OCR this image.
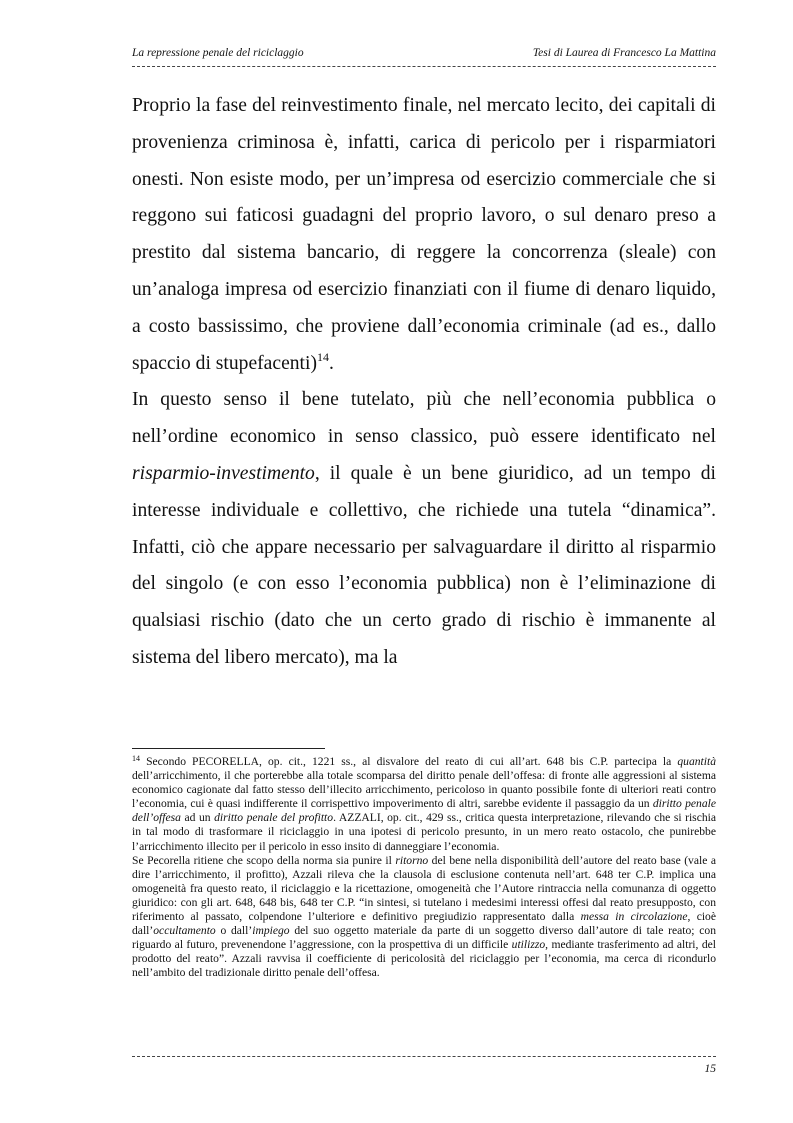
La repressione penale del riciclaggio	Tesi di Laurea di Francesco La Mattina

Proprio la fase del reinvestimento finale, nel mercato lecito, dei capitali di provenienza criminosa è, infatti, carica di pericolo per i risparmiatori onesti. Non esiste modo, per un’impresa od esercizio commerciale che si reggono sui faticosi guadagni del proprio lavoro, o sul denaro preso a prestito dal sistema bancario, di reggere la concorrenza (sleale) con un’analoga impresa od esercizio finanziati con il fiume di denaro liquido, a costo bassissimo, che proviene dall’economia criminale (ad es., dallo spaccio di stupefacenti)$^{14}$.

In questo senso il bene tutelato, più che nell’economia pubblica o nell’ordine economico in senso classico, può essere identificato nel risparmio-investimento, il quale è un bene giuridico, ad un tempo di interesse individuale e collettivo, che richiede una tutela “dinamica”. Infatti, ciò che appare necessario per salvaguardare il diritto al risparmio del singolo (e con esso l’economia pubblica) non è l’eliminazione di qualsiasi rischio (dato che un certo grado di rischio è immanente al sistema del libero mercato), ma la

$^{14}$ Secondo PECORELLA, op. cit., 1221 ss., al disvalore del reato di cui all’art. 648 bis C.P. partecipa la quantità dell’arricchimento, il che porterebbe alla totale scomparsa del diritto penale dell’offesa: di fronte alle aggressioni al sistema economico cagionate dal fatto stesso dell’illecito arricchimento, pericoloso in quanto possibile fonte di ulteriori reati contro l’economia, cui è quasi indifferente il corrispettivo impoverimento di altri, sarebbe evidente il passaggio da un diritto penale dell’offesa ad un diritto penale del profitto. AZZALI, op. cit., 429 ss., critica questa interpretazione, rilevando che si rischia in tal modo di trasformare il riciclaggio in una ipotesi di pericolo presunto, in un mero reato ostacolo, che punirebbe l’arricchimento illecito per il pericolo in esso insito di danneggiare l’economia.

Se Pecorella ritiene che scopo della norma sia punire il ritorno del bene nella disponibilità dell’autore del reato base (vale a dire l’arricchimento, il profitto), Azzali rileva che la clausola di esclusione contenuta nell’art. 648 ter C.P. implica una omogeneità fra questo reato, il riciclaggio e la ricettazione, omogeneità che l’Autore rintraccia nella comunanza di oggetto giuridico: con gli art. 648, 648 bis, 648 ter C.P. “in sintesi, si tutelano i medesimi interessi offesi dal reato presupposto, con riferimento al passato, colpendone l’ulteriore e definitivo pregiudizio rappresentato dalla messa in circolazione, cioè dall’occultamento o dall’impiego del suo oggetto materiale da parte di un soggetto diverso dall’autore di tale reato; con riguardo al futuro, prevenendone l’aggressione, con la prospettiva di un difficile utilizzo, mediante trasferimento ad altri, del prodotto del reato”. Azzali ravvisa il coefficiente di pericolosità del riciclaggio per l’economia, ma cerca di ricondurlo nell’ambito del tradizionale diritto penale dell’offesa.

15
